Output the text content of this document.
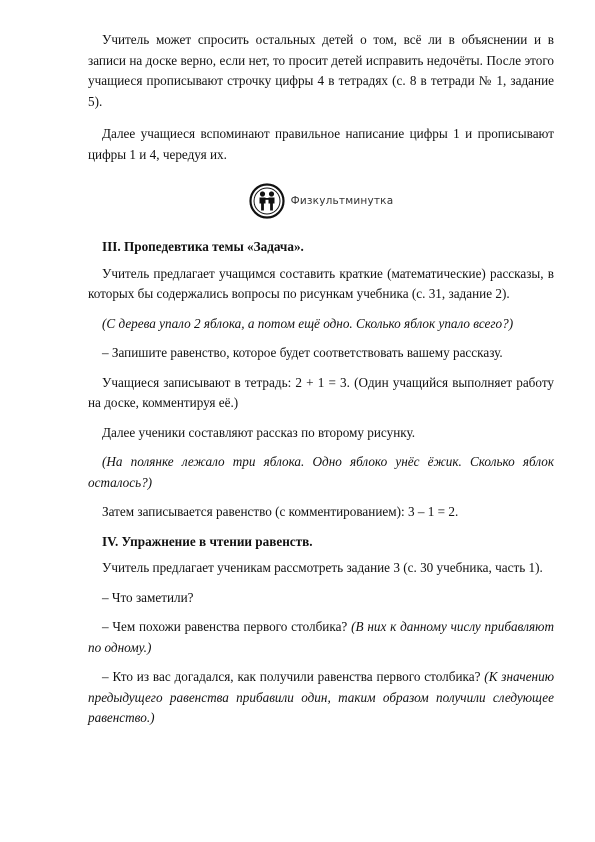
Учитель может спросить остальных детей о том, всё ли в объяснении и в записи на доске верно, если нет, то просит детей исправить недочёты. После этого учащиеся прописывают строчку цифры 4 в тетрадях (с. 8 в тетради № 1, задание 5).

Далее учащиеся вспоминают правильное написание цифры 1 и прописывают цифры 1 и 4, чередуя их.

Физкультминутка

III. Пропедевтика темы «Задача».

Учитель предлагает учащимся составить краткие (математические) рассказы, в которых бы содержались вопросы по рисункам учебника (с. 31, задание 2).

(С дерева упало 2 яблока, а потом ещё одно. Сколько яблок упало всего?)

– Запишите равенство, которое будет соответствовать вашему рассказу.

Учащиеся записывают в тетрадь: 2 + 1 = 3. (Один учащийся выполняет работу на доске, комментируя её.)

Далее ученики составляют рассказ по второму рисунку.

(На полянке лежало три яблока. Одно яблоко унёс ёжик. Сколько яблок осталось?)

Затем записывается равенство (с комментированием): 3 – 1 = 2.

IV. Упражнение в чтении равенств.

Учитель предлагает ученикам рассмотреть задание 3 (с. 30 учебника, часть 1).

– Что заметили?

– Чем похожи равенства первого столбика? (В них к данному числу прибавляют по одному.)

– Кто из вас догадался, как получили равенства первого столбика? (К значению предыдущего равенства прибавили один, таким образом получили следующее равенство.)
